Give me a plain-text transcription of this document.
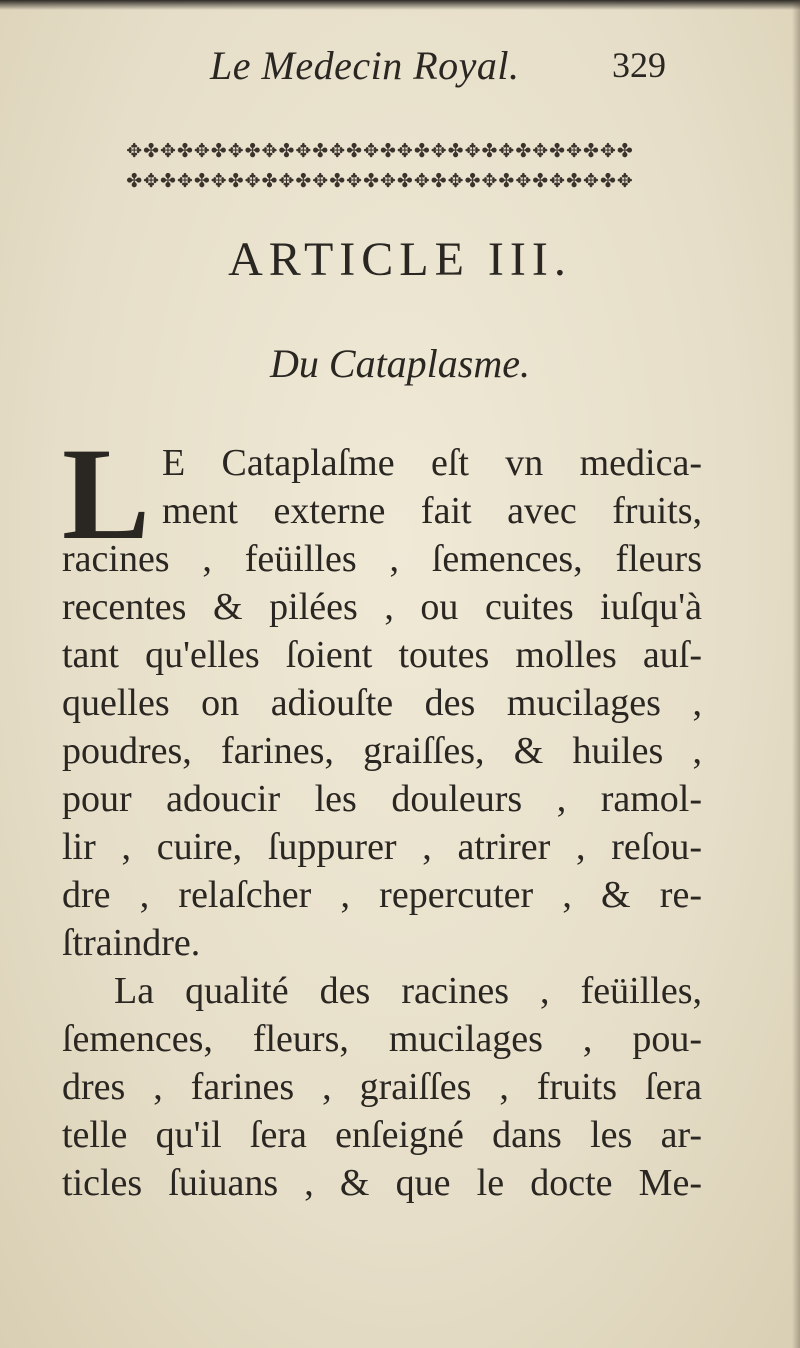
Le Medecin Royal.	329
✥✤✥✤✥✤✥✤✥✤✥✤✥✤✥✤✥✤✥✤✥✤✥✤✥✤✥✤✥✤
✤✥✤✥✤✥✤✥✤✥✤✥✤✥✤✥✤✥✤✥✤✥✤✥✤✥✤✥✤✥
ARTICLE III.
Du Cataplasme.
L E Cataplaſme eſt vn medica-
ment externe fait avec fruits,
racines , feüilles , ſemences, fleurs
recentes & pilées , ou cuites iuſqu'à
tant qu'elles ſoient toutes molles auſ-
quelles on adiouſte des mucilages ,
poudres, farines, graiſſes, & huiles ,
pour adoucir les douleurs , ramol-
lir , cuire, ſuppurer , atrirer , reſou-
dre , relaſcher , repercuter , & re-
ſtraindre.
La qualité des racines , feüilles,
ſemences, fleurs, mucilages , pou-
dres , farines , graiſſes , fruits ſera
telle qu'il ſera enſeigné dans les ar-
ticles ſuiuans , & que le docte Me-
